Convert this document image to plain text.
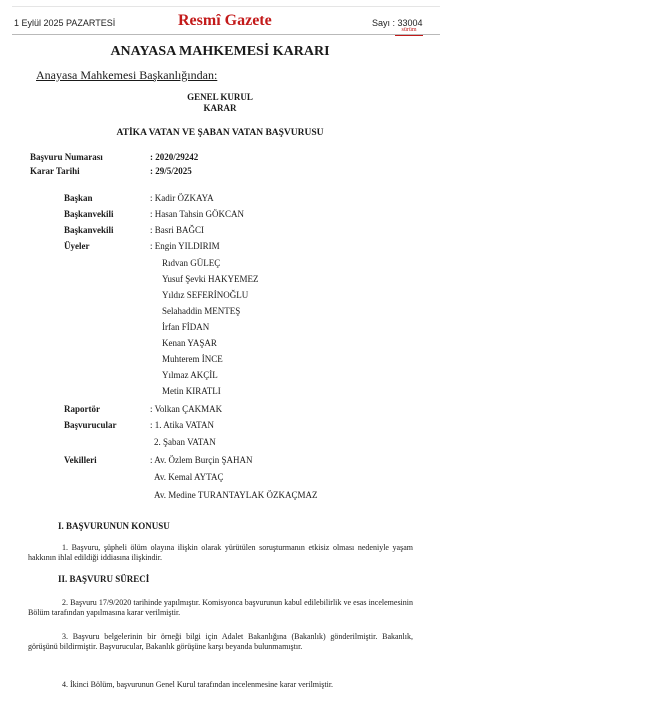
1 Eylül 2025 PAZARTESİ	Resmî Gazete	Sayı : 33004
sürüm
ANAYASA MAHKEMESİ KARARI
Anayasa Mahkemesi Başkanlığından:
GENEL KURUL
KARAR
ATİKA VATAN VE ŞABAN VATAN BAŞVURUSU
Başvuru Numarası	: 2020/29242
Karar Tarihi	: 29/5/2025
Başkan	: Kadir ÖZKAYA
Başkanvekili	: Hasan Tahsin GÖKCAN
Başkanvekili	: Basri BAĞCI
Üyeler	: Engin YILDIRIM
Rıdvan GÜLEÇ
Yusuf Şevki HAKYEMEZ
Yıldız SEFERİNOĞLU
Selahaddin MENTEŞ
İrfan FİDAN
Kenan YAŞAR
Muhterem İNCE
Yılmaz AKÇİL
Metin KIRATLI
Raportör	: Volkan ÇAKMAK
Başvurucular	: 1. Atika VATAN
2. Şaban VATAN
Vekilleri	: Av. Özlem Burçin ŞAHAN
Av. Kemal AYTAÇ
Av. Medine TURANTAYLAK ÖZKAÇMAZ
I. BAŞVURUNUN KONUSU
1. Başvuru, şüpheli ölüm olayına ilişkin olarak yürütülen soruşturmanın etkisiz olması nedeniyle yaşam hakkının ihlal edildiği iddiasına ilişkindir.
II. BAŞVURU SÜRECİ
2. Başvuru 17/9/2020 tarihinde yapılmıştır. Komisyonca başvurunun kabul edilebilirlik ve esas incelemesinin Bölüm tarafından yapılmasına karar verilmiştir.
3. Başvuru belgelerinin bir örneği bilgi için Adalet Bakanlığına (Bakanlık) gönderilmiştir. Bakanlık, görüşünü bildirmiştir. Başvurucular, Bakanlık görüşüne karşı beyanda bulunmamıştır.
4. İkinci Bölüm, başvurunun Genel Kurul tarafından incelenmesine karar verilmiştir.
